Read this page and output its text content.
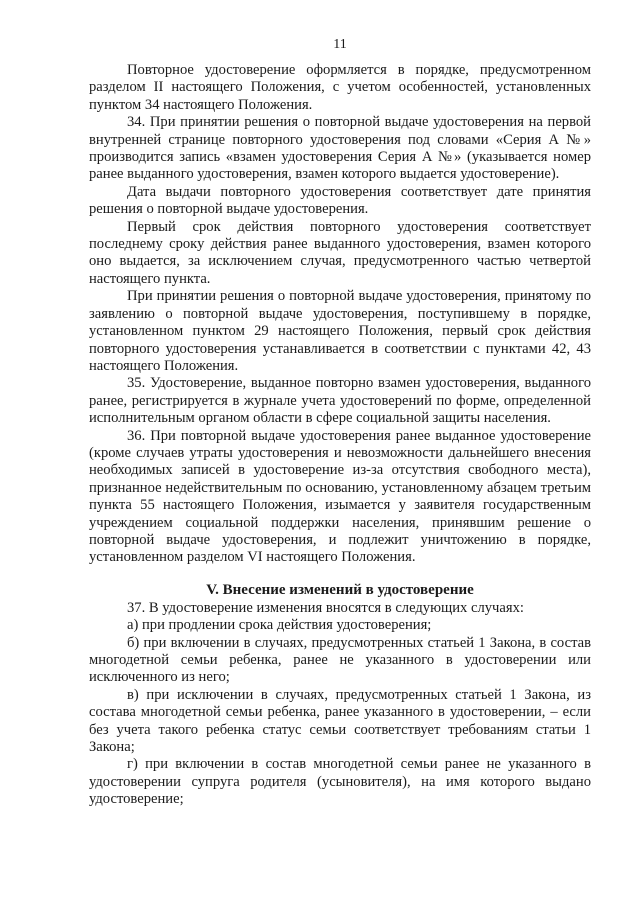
11

Повторное удостоверение оформляется в порядке, предусмотренном разделом II настоящего Положения, с учетом особенностей, установленных пунктом 34 настоящего Положения.

34. При принятии решения о повторной выдаче удостоверения на первой внутренней странице повторного удостоверения под словами «Серия А №» производится запись «взамен удостоверения Серия А №» (указывается номер ранее выданного удостоверения, взамен которого выдается удостоверение).

Дата выдачи повторного удостоверения соответствует дате принятия решения о повторной выдаче удостоверения.

Первый срок действия повторного удостоверения соответствует последнему сроку действия ранее выданного удостоверения, взамен которого оно выдается, за исключением случая, предусмотренного частью четвертой настоящего пункта.

При принятии решения о повторной выдаче удостоверения, принятому по заявлению о повторной выдаче удостоверения, поступившему в порядке, установленном пунктом 29 настоящего Положения, первый срок действия повторного удостоверения устанавливается в соответствии с пунктами 42, 43 настоящего Положения.

35. Удостоверение, выданное повторно взамен удостоверения, выданного ранее, регистрируется в журнале учета удостоверений по форме, определенной исполнительным органом области в сфере социальной защиты населения.

36. При повторной выдаче удостоверения ранее выданное удостоверение (кроме случаев утраты удостоверения и невозможности дальнейшего внесения необходимых записей в удостоверение из-за отсутствия свободного места), признанное недействительным по основанию, установленному абзацем третьим пункта 55 настоящего Положения, изымается у заявителя государственным учреждением социальной поддержки населения, принявшим решение о повторной выдаче удостоверения, и подлежит уничтожению в порядке, установленном разделом VI настоящего Положения.

V. Внесение изменений в удостоверение

37. В удостоверение изменения вносятся в следующих случаях:

а) при продлении срока действия удостоверения;

б) при включении в случаях, предусмотренных статьей 1 Закона, в состав многодетной семьи ребенка, ранее не указанного в удостоверении или исключенного из него;

в) при исключении в случаях, предусмотренных статьей 1 Закона, из состава многодетной семьи ребенка, ранее указанного в удостоверении, – если без учета такого ребенка статус семьи соответствует требованиям статьи 1 Закона;

г) при включении в состав многодетной семьи ранее не указанного в удостоверении супруга родителя (усыновителя), на имя которого выдано удостоверение;
